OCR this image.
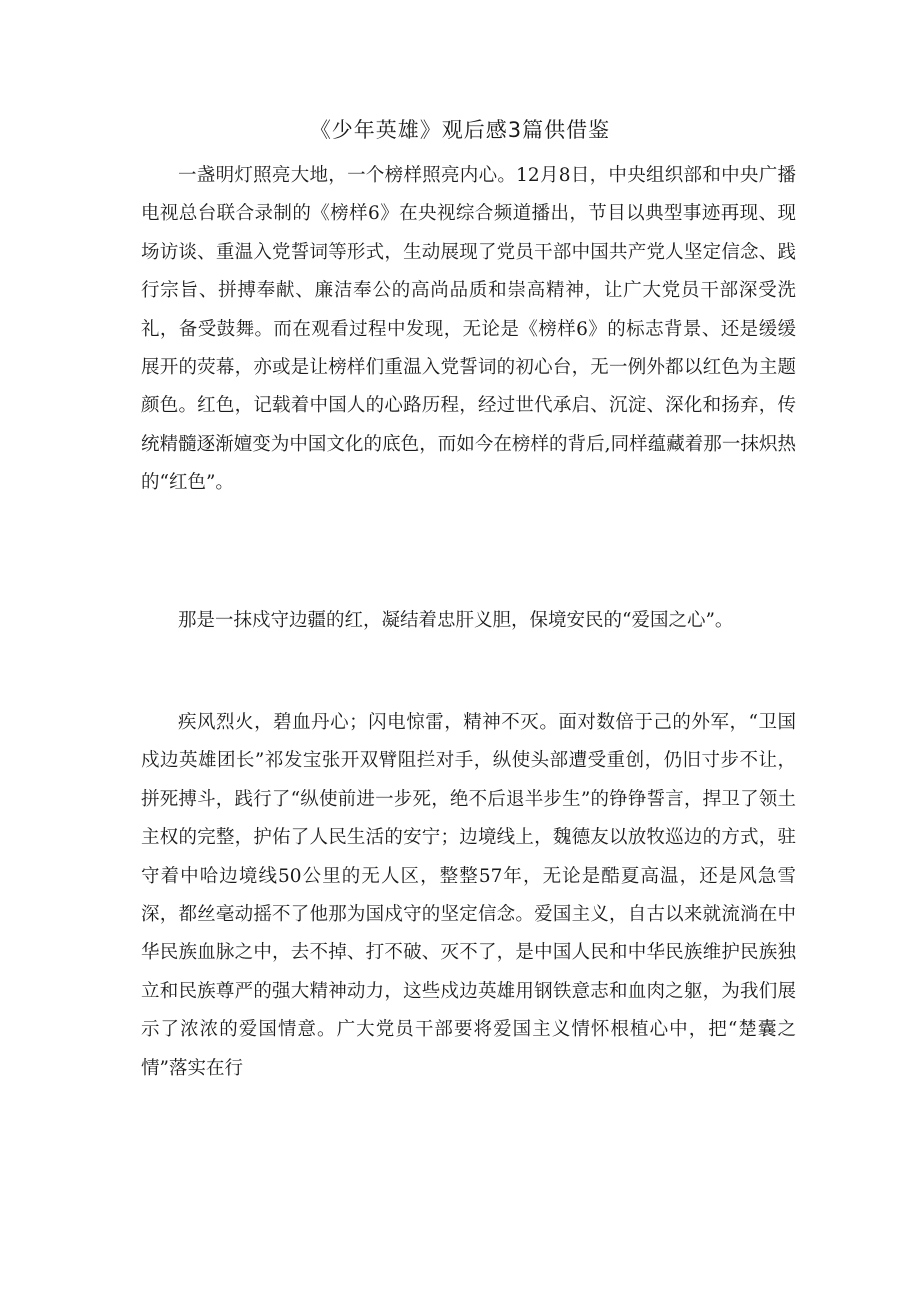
《少年英雄》观后感3篇供借鉴

一盏明灯照亮大地，一个榜样照亮内心。12月8日，中央组织部和中央广播电视总台联合录制的《榜样6》在央视综合频道播出，节目以典型事迹再现、现场访谈、重温入党誓词等形式，生动展现了党员干部中国共产党人坚定信念、践行宗旨、拼搏奉献、廉洁奉公的高尚品质和崇高精神，让广大党员干部深受洗礼，备受鼓舞。而在观看过程中发现，无论是《榜样6》的标志背景、还是缓缓展开的荧幕，亦或是让榜样们重温入党誓词的初心台，无一例外都以红色为主题颜色。红色，记载着中国人的心路历程，经过世代承启、沉淀、深化和扬弃，传统精髓逐渐嬗变为中国文化的底色，而如今在榜样的背后,同样蕴藏着那一抹炽热的“红色”。

那是一抹戍守边疆的红，凝结着忠肝义胆，保境安民的“爱国之心”。

疾风烈火，碧血丹心；闪电惊雷，精神不灭。面对数倍于己的外军，“卫国戍边英雄团长”祁发宝张开双臂阻拦对手，纵使头部遭受重创，仍旧寸步不让，拼死搏斗，践行了“纵使前进一步死，绝不后退半步生”的铮铮誓言，捍卫了领土主权的完整，护佑了人民生活的安宁；边境线上，魏德友以放牧巡边的方式，驻守着中哈边境线50公里的无人区，整整57年，无论是酷夏高温，还是风急雪深，都丝毫动摇不了他那为国戍守的坚定信念。爱国主义，自古以来就流淌在中华民族血脉之中，去不掉、打不破、灭不了，是中国人民和中华民族维护民族独立和民族尊严的强大精神动力，这些戍边英雄用钢铁意志和血肉之躯，为我们展示了浓浓的爱国情意。广大党员干部要将爱国主义情怀根植心中，把“楚囊之情”落实在行
